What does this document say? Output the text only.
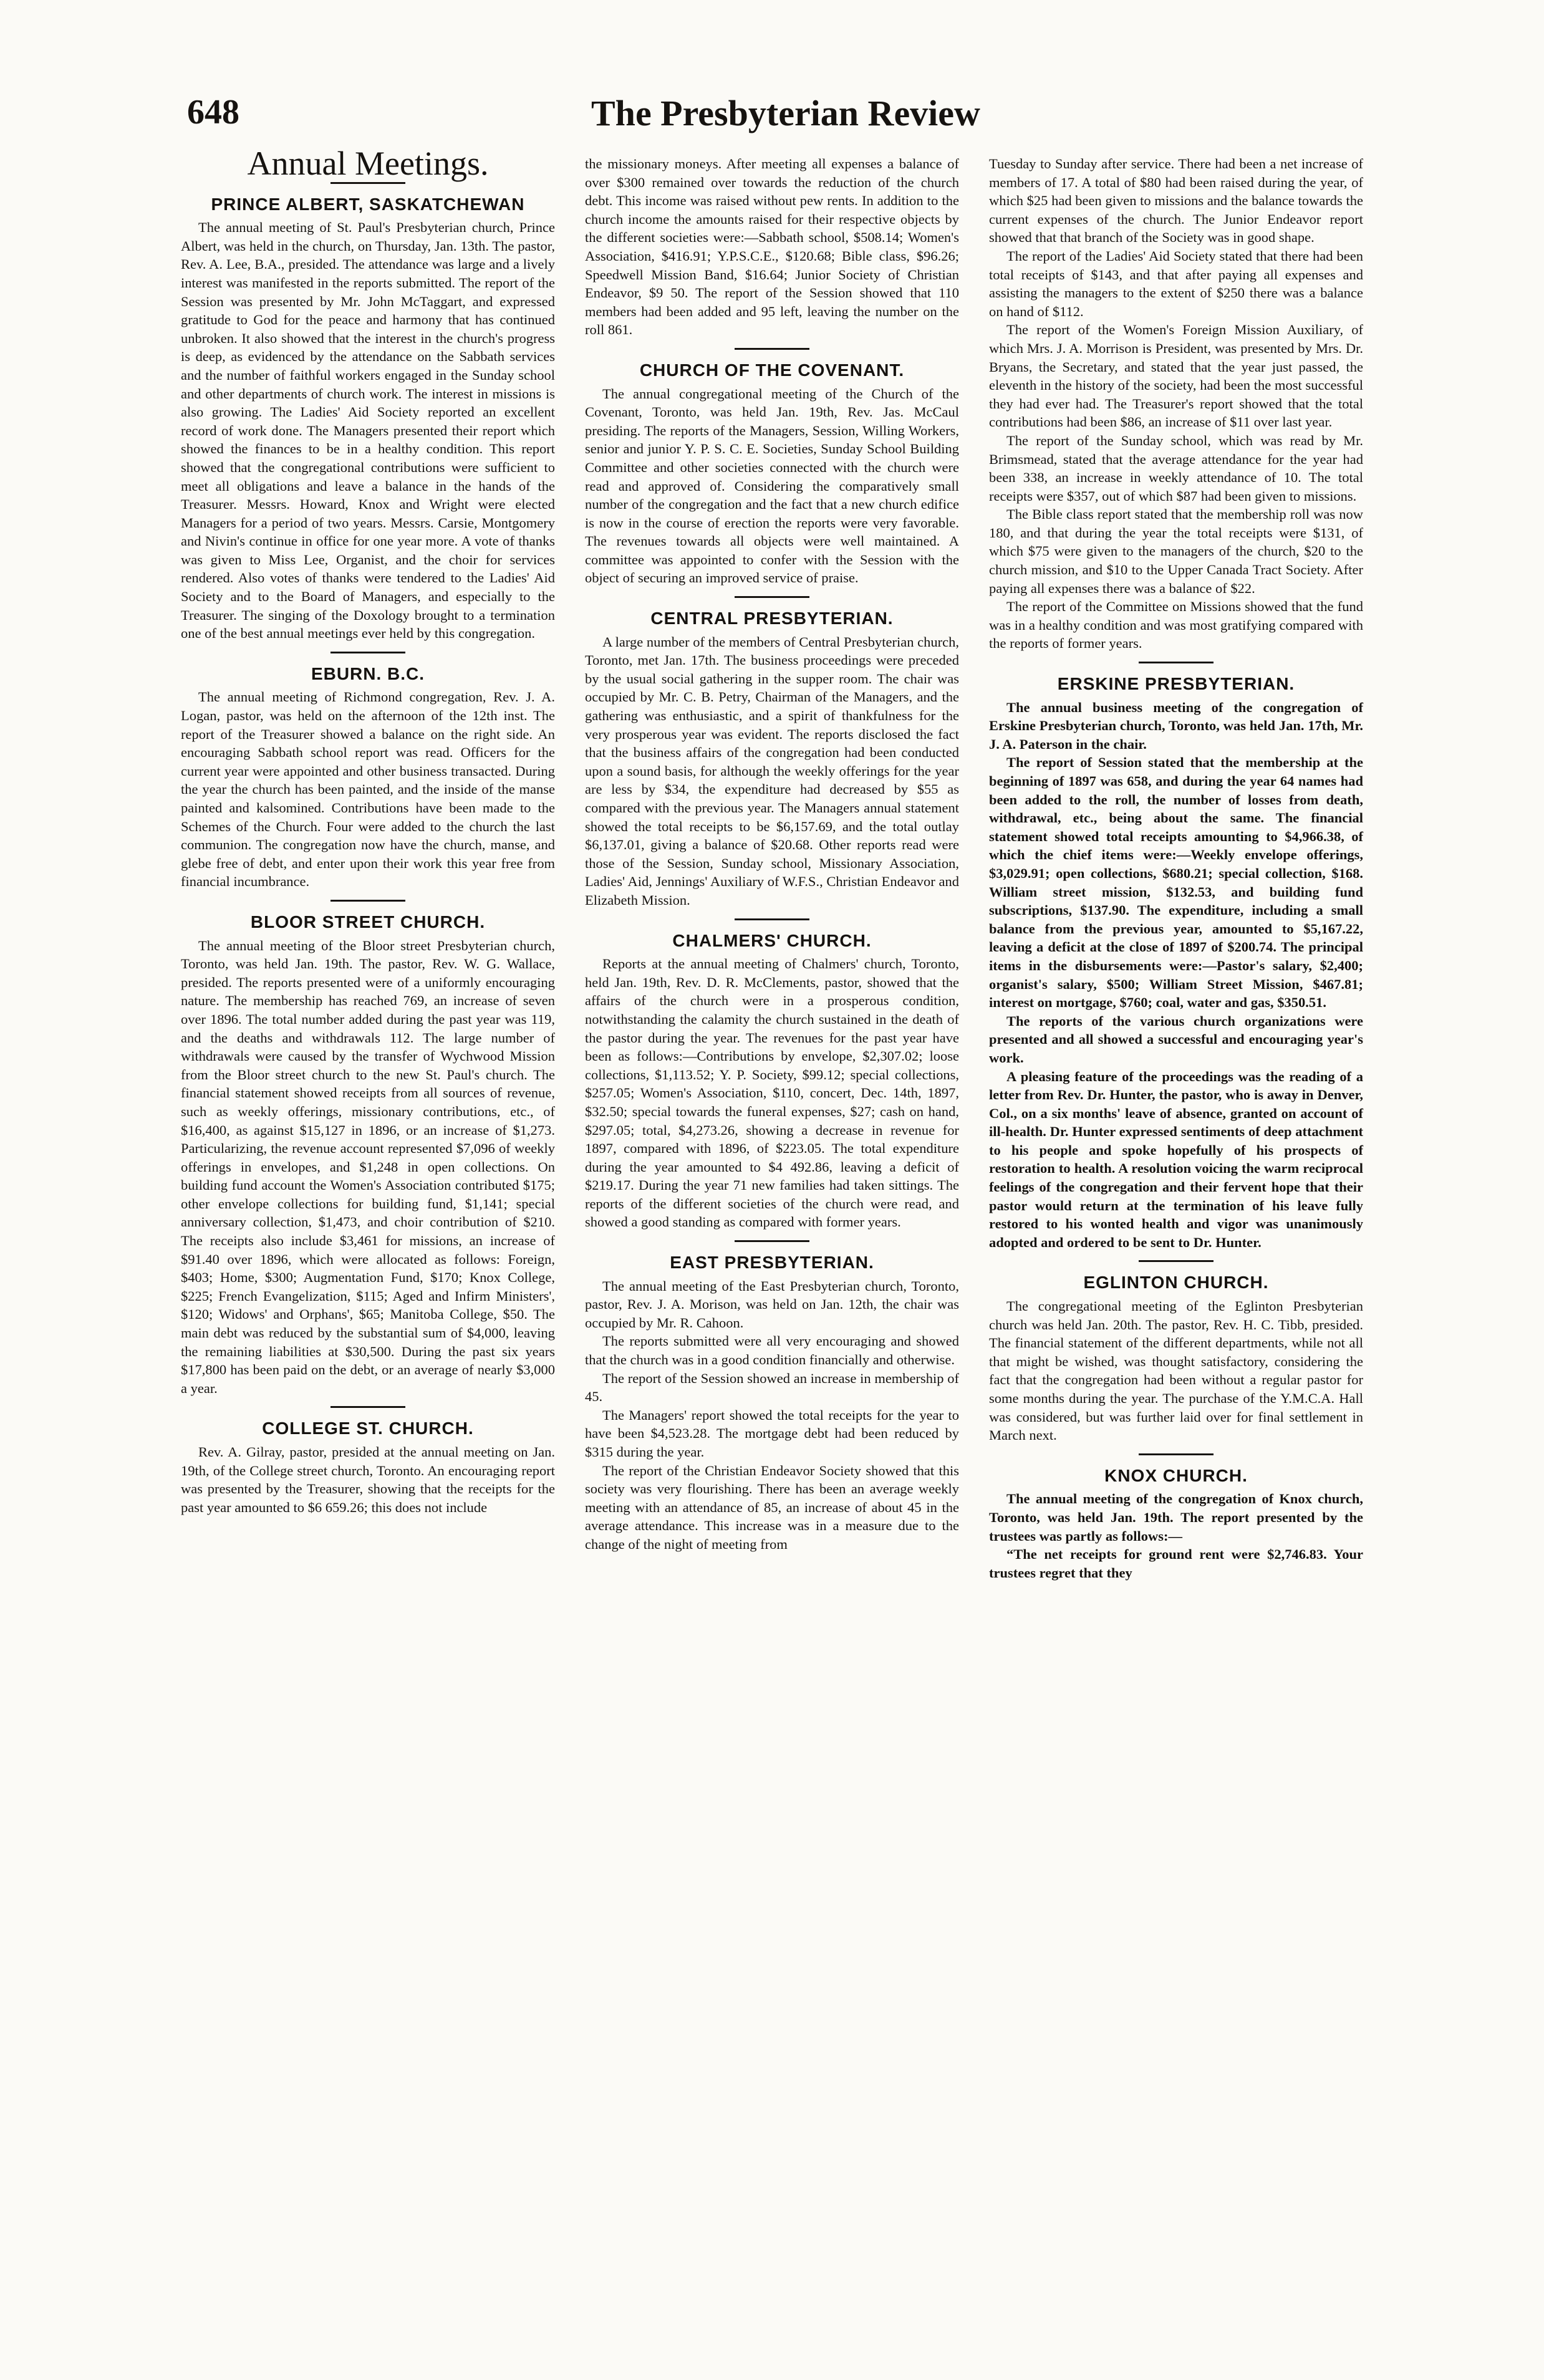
648	The Presbyterian Review
Annual Meetings.
PRINCE ALBERT, SASKATCHEWAN

The annual meeting of St. Paul's Presbyterian church, Prince Albert, was held in the church, on Thursday, Jan. 13th. The pastor, Rev. A. Lee, B.A., presided. The attendance was large and a lively interest was manifested in the reports submitted. The report of the Session was presented by Mr. John McTaggart, and expressed gratitude to God for the peace and harmony that has continued unbroken. It also showed that the interest in the church's progress is deep, as evidenced by the attendance on the Sabbath services and the number of faithful workers engaged in the Sunday school and other departments of church work. The interest in missions is also growing. The Ladies' Aid Society reported an excellent record of work done. The Managers presented their report which showed the finances to be in a healthy condition. This report showed that the congregational contributions were sufficient to meet all obligations and leave a balance in the hands of the Treasurer. Messrs. Howard, Knox and Wright were elected Managers for a period of two years. Messrs. Carsie, Montgomery and Nivin's continue in office for one year more. A vote of thanks was given to Miss Lee, Organist, and the choir for services rendered. Also votes of thanks were tendered to the Ladies' Aid Society and to the Board of Managers, and especially to the Treasurer. The singing of the Doxology brought to a termination one of the best annual meetings ever held by this congregation.

EBURN. B.C.

The annual meeting of Richmond congregation, Rev. J. A. Logan, pastor, was held on the afternoon of the 12th inst. The report of the Treasurer showed a balance on the right side. An encouraging Sabbath school report was read. Officers for the current year were appointed and other business transacted. During the year the church has been painted, and the inside of the manse painted and kalsomined. Contributions have been made to the Schemes of the Church. Four were added to the church the last communion. The congregation now have the church, manse, and glebe free of debt, and enter upon their work this year free from financial incumbrance.

BLOOR STREET CHURCH.

The annual meeting of the Bloor street Presbyterian church, Toronto, was held Jan. 19th. The pastor, Rev. W. G. Wallace, presided. The reports presented were of a uniformly encouraging nature. The membership has reached 769, an increase of seven over 1896. The total number added during the past year was 119, and the deaths and withdrawals 112. The large number of withdrawals were caused by the transfer of Wychwood Mission from the Bloor street church to the new St. Paul's church. The financial statement showed receipts from all sources of revenue, such as weekly offerings, missionary contributions, etc., of $16,400, as against $15,127 in 1896, or an increase of $1,273. Particularizing, the revenue account represented $7,096 of weekly offerings in envelopes, and $1,248 in open collections. On building fund account the Women's Association contributed $175; other envelope collections for building fund, $1,141; special anniversary collection, $1,473, and choir contribution of $210. The receipts also include $3,461 for missions, an increase of $91.40 over 1896, which were allocated as follows: Foreign, $403; Home, $300; Augmentation Fund, $170; Knox College, $225; French Evangelization, $115; Aged and Infirm Ministers', $120; Widows' and Orphans', $65; Manitoba College, $50. The main debt was reduced by the substantial sum of $4,000, leaving the remaining liabilities at $30,500. During the past six years $17,800 has been paid on the debt, or an average of nearly $3,000 a year.

COLLEGE ST. CHURCH.

Rev. A. Gilray, pastor, presided at the annual meeting on Jan. 19th, of the College street church, Toronto. An encouraging report was presented by the Treasurer, showing that the receipts for the past year amounted to $6 659.26; this does not include

the missionary moneys. After meeting all expenses a balance of over $300 remained over towards the reduction of the church debt. This income was raised without pew rents. In addition to the church income the amounts raised for their respective objects by the different societies were:—Sabbath school, $508.14; Women's Association, $416.91; Y.P.S.C.E., $120.68; Bible class, $96.26; Speedwell Mission Band, $16.64; Junior Society of Christian Endeavor, $9 50. The report of the Session showed that 110 members had been added and 95 left, leaving the number on the roll 861.

CHURCH OF THE COVENANT.

The annual congregational meeting of the Church of the Covenant, Toronto, was held Jan. 19th, Rev. Jas. McCaul presiding. The reports of the Managers, Session, Willing Workers, senior and junior Y. P. S. C. E. Societies, Sunday School Building Committee and other societies connected with the church were read and approved of. Considering the comparatively small number of the congregation and the fact that a new church edifice is now in the course of erection the reports were very favorable. The revenues towards all objects were well maintained. A committee was appointed to confer with the Session with the object of securing an improved service of praise.

CENTRAL PRESBYTERIAN.

A large number of the members of Central Presbyterian church, Toronto, met Jan. 17th. The business proceedings were preceded by the usual social gathering in the supper room. The chair was occupied by Mr. C. B. Petry, Chairman of the Managers, and the gathering was enthusiastic, and a spirit of thankfulness for the very prosperous year was evident. The reports disclosed the fact that the business affairs of the congregation had been conducted upon a sound basis, for although the weekly offerings for the year are less by $34, the expenditure had decreased by $55 as compared with the previous year. The Managers annual statement showed the total receipts to be $6,157.69, and the total outlay $6,137.01, giving a balance of $20.68. Other reports read were those of the Session, Sunday school, Missionary Association, Ladies' Aid, Jennings' Auxiliary of W.F.S., Christian Endeavor and Elizabeth Mission.

CHALMERS' CHURCH.

Reports at the annual meeting of Chalmers' church, Toronto, held Jan. 19th, Rev. D. R. McClements, pastor, showed that the affairs of the church were in a prosperous condition, notwithstanding the calamity the church sustained in the death of the pastor during the year. The revenues for the past year have been as follows:—Contributions by envelope, $2,307.02; loose collections, $1,113.52; Y. P. Society, $99.12; special collections, $257.05; Women's Association, $110, concert, Dec. 14th, 1897, $32.50; special towards the funeral expenses, $27; cash on hand, $297.05; total, $4,273.26, showing a decrease in revenue for 1897, compared with 1896, of $223.05. The total expenditure during the year amounted to $4 492.86, leaving a deficit of $219.17. During the year 71 new families had taken sittings. The reports of the different societies of the church were read, and showed a good standing as compared with former years.

EAST PRESBYTERIAN.

The annual meeting of the East Presbyterian church, Toronto, pastor, Rev. J. A. Morison, was held on Jan. 12th, the chair was occupied by Mr. R. Cahoon.

The reports submitted were all very encouraging and showed that the church was in a good condition financially and otherwise.

The report of the Session showed an increase in membership of 45.

The Managers' report showed the total receipts for the year to have been $4,523.28. The mortgage debt had been reduced by $315 during the year.

The report of the Christian Endeavor Society showed that this society was very flourishing. There has been an average weekly meeting with an attendance of 85, an increase of about 45 in the average attendance. This increase was in a measure due to the change of the night of meeting from

Tuesday to Sunday after service. There had been a net increase of members of 17. A total of $80 had been raised during the year, of which $25 had been given to missions and the balance towards the current expenses of the church. The Junior Endeavor report showed that that branch of the Society was in good shape.

The report of the Ladies' Aid Society stated that there had been total receipts of $143, and that after paying all expenses and assisting the managers to the extent of $250 there was a balance on hand of $112.

The report of the Women's Foreign Mission Auxiliary, of which Mrs. J. A. Morrison is President, was presented by Mrs. Dr. Bryans, the Secretary, and stated that the year just passed, the eleventh in the history of the society, had been the most successful they had ever had. The Treasurer's report showed that the total contributions had been $86, an increase of $11 over last year.

The report of the Sunday school, which was read by Mr. Brimsmead, stated that the average attendance for the year had been 338, an increase in weekly attendance of 10. The total receipts were $357, out of which $87 had been given to missions.

The Bible class report stated that the membership roll was now 180, and that during the year the total receipts were $131, of which $75 were given to the managers of the church, $20 to the church mission, and $10 to the Upper Canada Tract Society. After paying all expenses there was a balance of $22.

The report of the Committee on Missions showed that the fund was in a healthy condition and was most gratifying compared with the reports of former years.

ERSKINE PRESBYTERIAN.

The annual business meeting of the congregation of Erskine Presbyterian church, Toronto, was held Jan. 17th, Mr. J. A. Paterson in the chair.

The report of Session stated that the membership at the beginning of 1897 was 658, and during the year 64 names had been added to the roll, the number of losses from death, withdrawal, etc., being about the same. The financial statement showed total receipts amounting to $4,966.38, of which the chief items were:—Weekly envelope offerings, $3,029.91; open collections, $680.21; special collection, $168. William street mission, $132.53, and building fund subscriptions, $137.90. The expenditure, including a small balance from the previous year, amounted to $5,167.22, leaving a deficit at the close of 1897 of $200.74. The principal items in the disbursements were:—Pastor's salary, $2,400; organist's salary, $500; William Street Mission, $467.81; interest on mortgage, $760; coal, water and gas, $350.51.

The reports of the various church organizations were presented and all showed a successful and encouraging year's work.

A pleasing feature of the proceedings was the reading of a letter from Rev. Dr. Hunter, the pastor, who is away in Denver, Col., on a six months' leave of absence, granted on account of ill-health. Dr. Hunter expressed sentiments of deep attachment to his people and spoke hopefully of his prospects of restoration to health. A resolution voicing the warm reciprocal feelings of the congregation and their fervent hope that their pastor would return at the termination of his leave fully restored to his wonted health and vigor was unanimously adopted and ordered to be sent to Dr. Hunter.

EGLINTON CHURCH.

The congregational meeting of the Eglinton Presbyterian church was held Jan. 20th. The pastor, Rev. H. C. Tibb, presided. The financial statement of the different departments, while not all that might be wished, was thought satisfactory, considering the fact that the congregation had been without a regular pastor for some months during the year. The purchase of the Y.M.C.A. Hall was considered, but was further laid over for final settlement in March next.

KNOX CHURCH.

The annual meeting of the congregation of Knox church, Toronto, was held Jan. 19th. The report presented by the trustees was partly as follows:—

“The net receipts for ground rent were $2,746.83. Your trustees regret that they
